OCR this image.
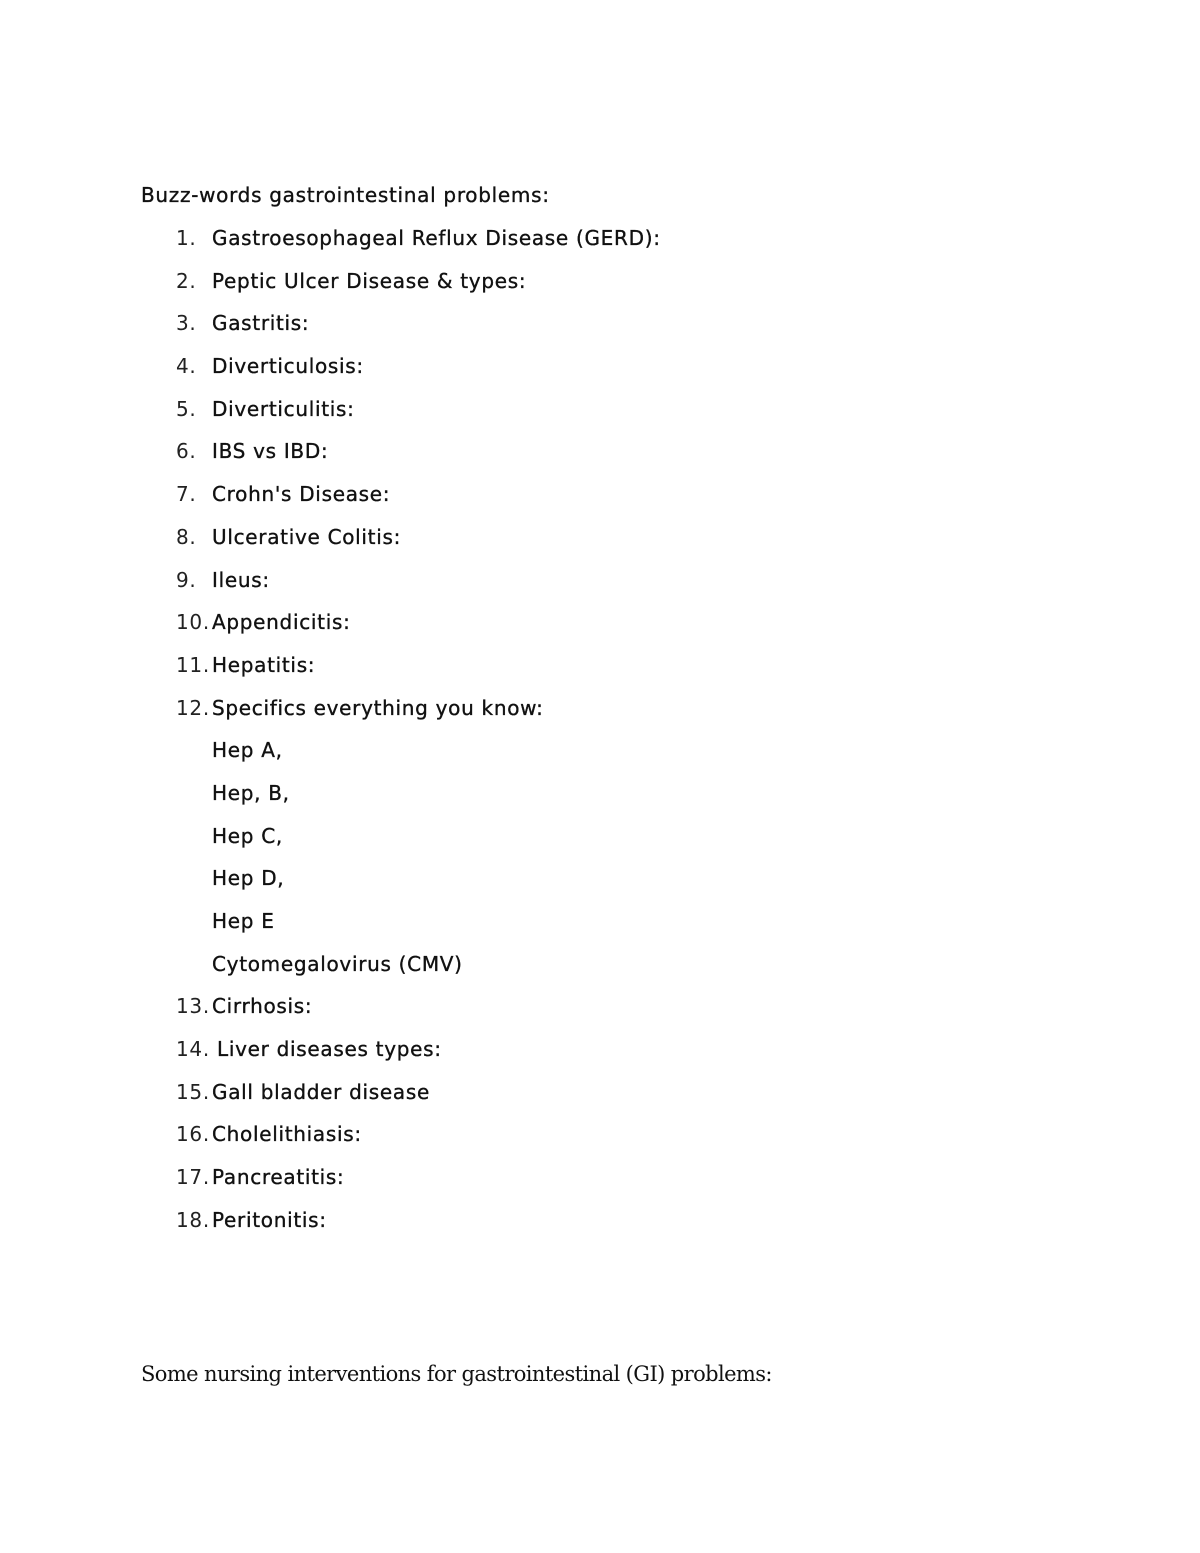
Buzz-words gastrointestinal problems:
1. Gastroesophageal Reflux Disease (GERD):
2. Peptic Ulcer Disease & types:
3. Gastritis:
4. Diverticulosis:
5. Diverticulitis:
6. IBS vs IBD:
7. Crohn's Disease:
8. Ulcerative Colitis:
9. Ileus:
10. Appendicitis:
11. Hepatitis:
12. Specifics everything you know:
Hep A,
Hep, B,
Hep C,
Hep D,
Hep E
Cytomegalovirus (CMV)
13. Cirrhosis:
14. Liver diseases types:
15. Gall bladder disease
16. Cholelithiasis:
17. Pancreatitis:
18. Peritonitis:
Some nursing interventions for gastrointestinal (GI) problems:
